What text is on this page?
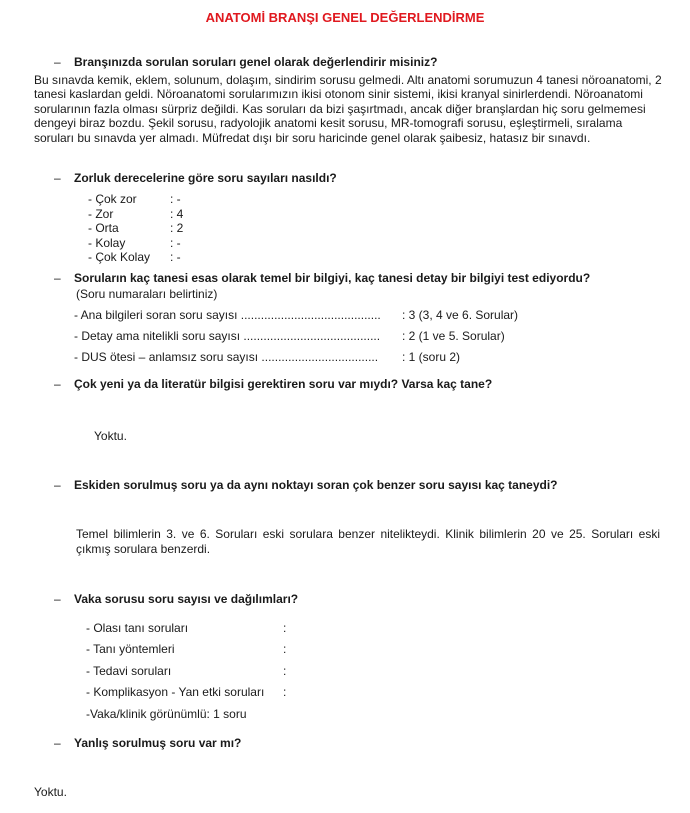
ANATOMİ BRANŞI GENEL DEĞERLENDİRME
– Branşınızda sorulan soruları genel olarak değerlendirir misiniz?
Bu sınavda kemik, eklem, solunum, dolaşım, sindirim sorusu gelmedi. Altı anatomi sorumuzun 4 tanesi nöroanatomi, 2 tanesi kaslardan geldi. Nöroanatomi sorularımızın ikisi otonom sinir sistemi, ikisi kranyal sinirlerdendi. Nöroanatomi sorularının fazla olması sürpriz değildi. Kas soruları da bizi şaşırtmadı, ancak diğer branşlardan hiç soru gelmemesi dengeyi biraz bozdu. Şekil sorusu, radyolojik anatomi kesit sorusu, MR-tomografi sorusu, eşleştirmeli, sıralama soruları bu sınavda yer almadı. Müfredat dışı bir soru haricinde genel olarak şaibesiz, hatasız bir sınavdı.
– Zorluk derecelerine göre soru sayıları nasıldı?
- Çok zor	: -
- Zor	: 4
- Orta	: 2
- Kolay	: -
- Çok Kolay : -
– Soruların kaç tanesi esas olarak temel bir bilgiyi, kaç tanesi detay bir bilgiyi test ediyordu?
(Soru numaraları belirtiniz)
- Ana bilgileri soran soru sayısı .......................................... : 3 (3, 4 ve 6. Sorular)
- Detay ama nitelikli soru sayısı ......................................... : 2 (1 ve 5. Sorular)
- DUS ötesi – anlamsız soru sayısı ................................... : 1 (soru 2)
– Çok yeni ya da literatür bilgisi gerektiren soru var mıydı? Varsa kaç tane?
Yoktu.
– Eskiden sorulmuş soru ya da aynı noktayı soran çok benzer soru sayısı kaç taneydi?
Temel bilimlerin 3. ve 6. Soruları eski sorulara benzer nitelikteydi. Klinik bilimlerin 20 ve 25. Soruları eski çıkmış sorulara benzerdi.
– Vaka sorusu soru sayısı ve dağılımları?
- Olası tanı soruları	:
- Tanı yöntemleri	:
- Tedavi soruları	:
- Komplikasyon - Yan etki soruları :
-Vaka/klinik görünümlü: 1 soru
– Yanlış sorulmuş soru var mı?
Yoktu.
